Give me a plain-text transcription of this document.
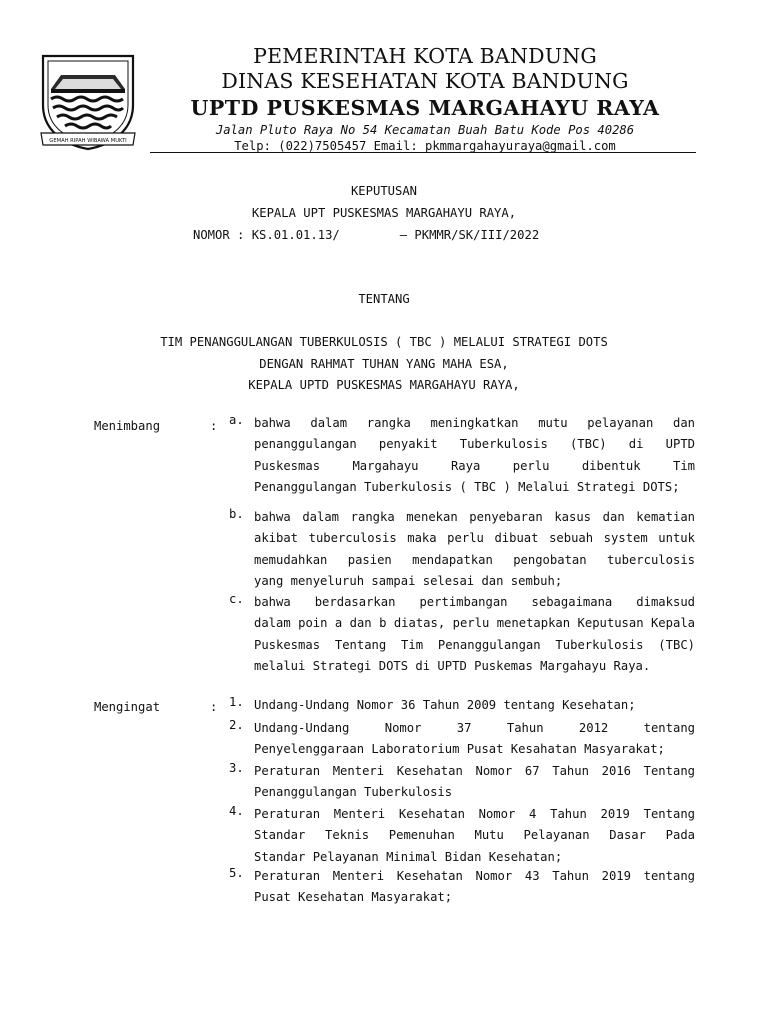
GEMAH RIPAH WIBAWA MUKTI
PEMERINTAH KOTA BANDUNG
DINAS KESEHATAN KOTA BANDUNG
UPTD PUSKESMAS MARGAHAYU RAYA
Jalan Pluto Raya No 54 Kecamatan Buah Batu Kode Pos 40286
Telp: (022)7505457 Email: pkmmargahayuraya@gmail.com
KEPUTUSAN
KEPALA UPT PUSKESMAS MARGAHAYU RAYA,
NOMOR : KS.01.01.13/	– PKMMR/SK/III/2022
TENTANG
TIM PENANGGULANGAN TUBERKULOSIS ( TBC ) MELALUI STRATEGI DOTS
DENGAN RAHMAT TUHAN YANG MAHA ESA,
KEPALA UPTD PUSKESMAS MARGAHAYU RAYA,
Menimbang	: a. bahwa dalam rangka meningkatkan mutu pelayanan dan
penanggulangan penyakit Tuberkulosis (TBC) di UPTD
Puskesmas Margahayu Raya perlu dibentuk Tim
Penanggulangan Tuberkulosis ( TBC ) Melalui Strategi DOTS;
b. bahwa dalam rangka menekan penyebaran kasus dan kematian
akibat tuberculosis maka perlu dibuat sebuah system untuk
memudahkan pasien mendapatkan pengobatan tuberculosis
yang menyeluruh sampai selesai dan sembuh;
c. bahwa berdasarkan pertimbangan sebagaimana dimaksud
dalam poin a dan b diatas, perlu menetapkan Keputusan Kepala
Puskesmas Tentang Tim Penanggulangan Tuberkulosis (TBC)
melalui Strategi DOTS di UPTD Puskemas Margahayu Raya.
Mengingat	: 1. Undang-Undang Nomor 36 Tahun 2009 tentang Kesehatan;
2. Undang-Undang Nomor 37 Tahun 2012 tentang
Penyelenggaraan Laboratorium Pusat Kesahatan Masyarakat;
3. Peraturan Menteri Kesehatan Nomor 67 Tahun 2016 Tentang
Penanggulangan Tuberkulosis
4. Peraturan Menteri Kesehatan Nomor 4 Tahun 2019 Tentang
Standar Teknis Pemenuhan Mutu Pelayanan Dasar Pada
Standar Pelayanan Minimal Bidan Kesehatan;
5. Peraturan Menteri Kesehatan Nomor 43 Tahun 2019 tentang
Pusat Kesehatan Masyarakat;
